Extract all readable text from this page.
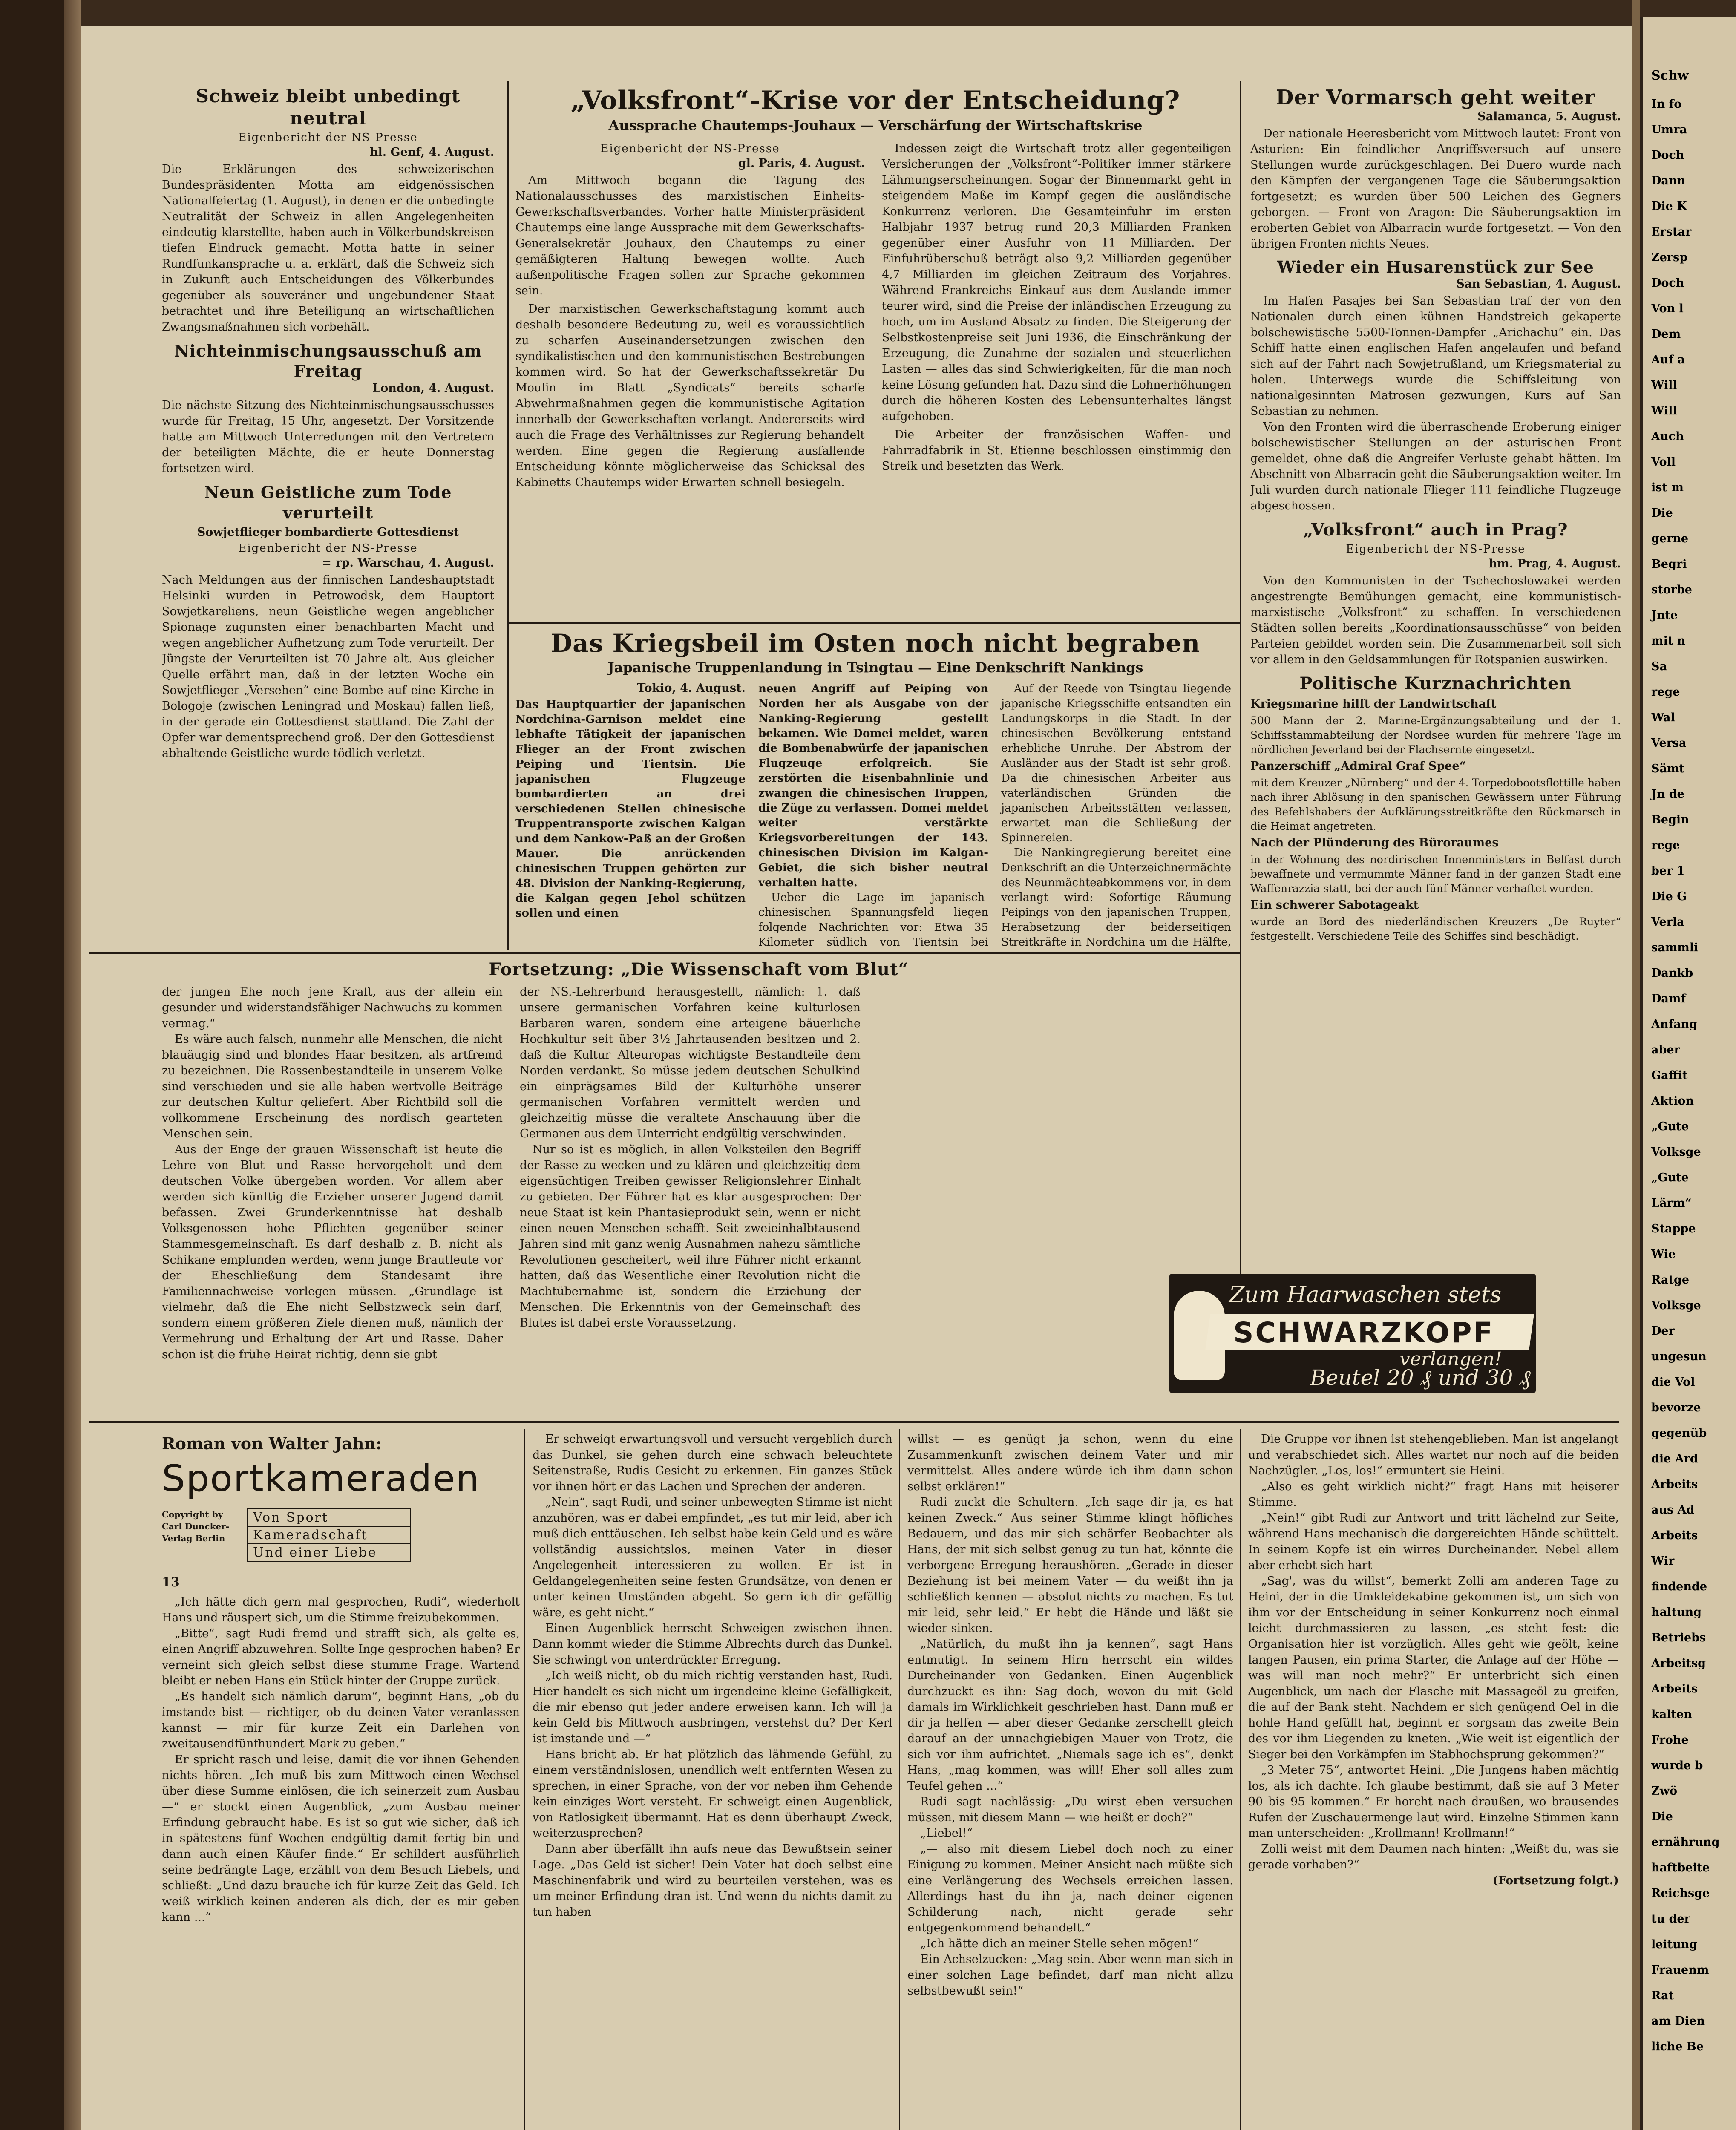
Schweiz bleibt unbedingt neutral
Eigenbericht der NS-Presse
hl. Genf, 4. August.

Die Erklärungen des schweizerischen Bundespräsidenten Motta am eidgenössischen Nationalfeiertag (1. August), in denen er die unbedingte Neutralität der Schweiz in allen Angelegenheiten eindeutig klarstellte, haben auch in Völkerbundskreisen tiefen Eindruck gemacht. Motta hatte in seiner Rundfunkansprache u. a. erklärt, daß die Schweiz sich in Zukunft auch Entscheidungen des Völkerbundes gegenüber als souveräner und ungebundener Staat betrachtet und ihre Beteiligung an wirtschaftlichen Zwangsmaßnahmen sich vorbehält.

Nichteinmischungsausschuß am Freitag
London, 4. August.

Die nächste Sitzung des Nichteinmischungsausschusses wurde für Freitag, 15 Uhr, angesetzt. Der Vorsitzende hatte am Mittwoch Unterredungen mit den Vertretern der beteiligten Mächte, die er heute Donnerstag fortsetzen wird.

Neun Geistliche zum Tode verurteilt
Sowjetflieger bombardierte Gottesdienst
Eigenbericht der NS-Presse
= rp. Warschau, 4. August.

Nach Meldungen aus der finnischen Landeshauptstadt Helsinki wurden in Petrowodsk, dem Hauptort Sowjetkareliens, neun Geistliche wegen angeblicher Spionage zugunsten einer benachbarten Macht und wegen angeblicher Aufhetzung zum Tode verurteilt. Der Jüngste der Verurteilten ist 70 Jahre alt. Aus gleicher Quelle erfährt man, daß in der letzten Woche ein Sowjetflieger „Versehen“ eine Bombe auf eine Kirche in Bologoje (zwischen Leningrad und Moskau) fallen ließ, in der gerade ein Gottesdienst stattfand. Die Zahl der Opfer war dementsprechend groß. Der den Gottesdienst abhaltende Geistliche wurde tödlich verletzt.

„Volksfront“-Krise vor der Entscheidung?
Aussprache Chautemps-Jouhaux — Verschärfung der Wirtschaftskrise
Eigenbericht der NS-Presse
gl. Paris, 4. August.

Am Mittwoch begann die Tagung des Nationalausschusses des marxistischen Einheits-Gewerkschaftsverbandes. Vorher hatte Ministerpräsident Chautemps eine lange Aussprache mit dem Gewerkschafts-Generalsekretär Jouhaux, den Chautemps zu einer gemäßigteren Haltung bewegen wollte. Auch außenpolitische Fragen sollen zur Sprache gekommen sein.

Der marxistischen Gewerkschaftstagung kommt auch deshalb besondere Bedeutung zu, weil es voraussichtlich zu scharfen Auseinandersetzungen zwischen den syndikalistischen und den kommunistischen Bestrebungen kommen wird. So hat der Gewerkschaftssekretär Du Moulin im Blatt „Syndicats“ bereits scharfe Abwehrmaßnahmen gegen die kommunistische Agitation innerhalb der Gewerkschaften verlangt. Andererseits wird auch die Frage des Verhältnisses zur Regierung behandelt werden. Eine gegen die Regierung ausfallende Entscheidung könnte möglicherweise das Schicksal des Kabinetts Chautemps wider Erwarten schnell besiegeln.

Indessen zeigt die Wirtschaft trotz aller gegenteiligen Versicherungen der „Volksfront“-Politiker immer stärkere Lähmungserscheinungen. Sogar der Binnenmarkt geht in steigendem Maße im Kampf gegen die ausländische Konkurrenz verloren. Die Gesamteinfuhr im ersten Halbjahr 1937 betrug rund 20,3 Milliarden Franken gegenüber einer Ausfuhr von 11 Milliarden. Der Einfuhrüberschuß beträgt also 9,2 Milliarden gegenüber 4,7 Milliarden im gleichen Zeitraum des Vorjahres. Während Frankreichs Einkauf aus dem Auslande immer teurer wird, sind die Preise der inländischen Erzeugung zu hoch, um im Ausland Absatz zu finden. Die Steigerung der Selbstkostenpreise seit Juni 1936, die Einschränkung der Erzeugung, die Zunahme der sozialen und steuerlichen Lasten — alles das sind Schwierigkeiten, für die man noch keine Lösung gefunden hat. Dazu sind die Lohnerhöhungen durch die höheren Kosten des Lebensunterhaltes längst aufgehoben.

Die Arbeiter der französischen Waffen- und Fahrradfabrik in St. Etienne beschlossen einstimmig den Streik und besetzten das Werk.

Das Kriegsbeil im Osten noch nicht begraben
Japanische Truppenlandung in Tsingtau — Eine Denkschrift Nankings
Tokio, 4. August.

Das Hauptquartier der japanischen Nordchina-Garnison meldet eine lebhafte Tätigkeit der japanischen Flieger an der Front zwischen Peiping und Tientsin. Die japanischen Flugzeuge bombardierten an drei verschiedenen Stellen chinesische Truppentransporte zwischen Kalgan und dem Nankow-Paß an der Großen Mauer. Die anrückenden chinesischen Truppen gehörten zur 48. Division der Nanking-Regierung, die Kalgan gegen Jehol schützen sollen und einen

neuen Angriff auf Peiping von Norden her als Ausgabe von der Nanking-Regierung gestellt bekamen. Wie Domei meldet, waren die Bombenabwürfe der japanischen Flugzeuge erfolgreich. Sie zerstörten die Eisenbahnlinie und zwangen die chinesischen Truppen, die Züge zu verlassen. Domei meldet weiter verstärkte Kriegsvorbereitungen der 143. chinesischen Division im Kalgan-Gebiet, die sich bisher neutral verhalten hatte.

Ueber die Lage im japanisch-chinesischen Spannungsfeld liegen folgende Nachrichten vor: Etwa 35 Kilometer südlich von Tientsin bei

Auf der Reede von Tsingtau liegende japanische Kriegsschiffe entsandten ein Landungskorps in die Stadt. In der chinesischen Bevölkerung entstand erhebliche Unruhe. Der Abstrom der Ausländer aus der Stadt ist sehr groß. Da die chinesischen Arbeiter aus vaterländischen Gründen die japanischen Arbeitsstätten verlassen, erwartet man die Schließung der Spinnereien.

Die Nankingregierung bereitet eine Denkschrift an die Unterzeichnermächte des Neunmächteabkommens vor, in dem verlangt wird: Sofortige Räumung Peipings von den japanischen Truppen, Herabsetzung der beiderseitigen Streitkräfte in Nordchina um die Hälfte,

Fortsetzung: „Die Wissenschaft vom Blut“

der jungen Ehe noch jene Kraft, aus der allein ein gesunder und widerstandsfähiger Nachwuchs zu kommen vermag.“

Es wäre auch falsch, nunmehr alle Menschen, die nicht blauäugig sind und blondes Haar besitzen, als artfremd zu bezeichnen. Die Rassenbestandteile in unserem Volke sind verschieden und sie alle haben wertvolle Beiträge zur deutschen Kultur geliefert. Aber Richtbild soll die vollkommene Erscheinung des nordisch gearteten Menschen sein.

Aus der Enge der grauen Wissenschaft ist heute die Lehre von Blut und Rasse hervorgeholt und dem deutschen Volke übergeben worden. Vor allem aber werden sich künftig die Erzieher unserer Jugend damit befassen. Zwei Grunderkenntnisse hat deshalb Volksgenossen hohe Pflichten gegenüber seiner Stammesgemeinschaft. Es darf deshalb z. B. nicht als Schikane empfunden werden, wenn junge Brautleute vor der Eheschließung dem Standesamt ihre Familiennachweise vorlegen müssen. „Grundlage ist vielmehr, daß die Ehe nicht Selbstzweck sein darf, sondern einem größeren Ziele dienen muß, nämlich der Vermehrung und Erhaltung der Art und Rasse. Daher schon ist die frühe Heirat richtig, denn sie gibt

der NS.-Lehrerbund herausgestellt, nämlich: 1. daß unsere germanischen Vorfahren keine kulturlosen Barbaren waren, sondern eine arteigene bäuerliche Hochkultur seit über 3½ Jahrtausenden besitzen und 2. daß die Kultur Alteuropas wichtigste Bestandteile dem Norden verdankt. So müsse jedem deutschen Schulkind ein einprägsames Bild der Kulturhöhe unserer germanischen Vorfahren vermittelt werden und gleichzeitig müsse die veraltete Anschauung über die Germanen aus dem Unterricht endgültig verschwinden.

Nur so ist es möglich, in allen Volksteilen den Begriff der Rasse zu wecken und zu klären und gleichzeitig dem eigensüchtigen Treiben gewisser Religionslehrer Einhalt zu gebieten. Der Führer hat es klar ausgesprochen: Der neue Staat ist kein Phantasieprodukt sein, wenn er nicht einen neuen Menschen schafft. Seit zweieinhalbtausend Jahren sind mit ganz wenig Ausnahmen nahezu sämtliche Revolutionen gescheitert, weil ihre Führer nicht erkannt hatten, daß das Wesentliche einer Revolution nicht die Machtübernahme ist, sondern die Erziehung der Menschen. Die Erkenntnis von der Gemeinschaft des Blutes ist dabei erste Voraussetzung.

Der Vormarsch geht weiter
Salamanca, 5. August.

Der nationale Heeresbericht vom Mittwoch lautet: Front von Asturien: Ein feindlicher Angriffsversuch auf unsere Stellungen wurde zurückgeschlagen. Bei Duero wurde nach den Kämpfen der vergangenen Tage die Säuberungsaktion fortgesetzt; es wurden über 500 Leichen des Gegners geborgen. — Front von Aragon: Die Säuberungsaktion im eroberten Gebiet von Albarracin wurde fortgesetzt. — Von den übrigen Fronten nichts Neues.

Wieder ein Husarenstück zur See
San Sebastian, 4. August.

Im Hafen Pasajes bei San Sebastian traf der von den Nationalen durch einen kühnen Handstreich gekaperte bolschewistische 5500-Tonnen-Dampfer „Arichachu“ ein. Das Schiff hatte einen englischen Hafen angelaufen und befand sich auf der Fahrt nach Sowjetrußland, um Kriegsmaterial zu holen. Unterwegs wurde die Schiffsleitung von nationalgesinnten Matrosen gezwungen, Kurs auf San Sebastian zu nehmen.

Von den Fronten wird die überraschende Eroberung einiger bolschewistischer Stellungen an der asturischen Front gemeldet, ohne daß die Angreifer Verluste gehabt hätten. Im Abschnitt von Albarracin geht die Säuberungsaktion weiter. Im Juli wurden durch nationale Flieger 111 feindliche Flugzeuge abgeschossen.

„Volksfront“ auch in Prag?
Eigenbericht der NS-Presse
hm. Prag, 4. August.

Von den Kommunisten in der Tschechoslowakei werden angestrengte Bemühungen gemacht, eine kommunistisch-marxistische „Volksfront“ zu schaffen. In verschiedenen Städten sollen bereits „Koordinationsausschüsse“ von beiden Parteien gebildet worden sein. Die Zusammenarbeit soll sich vor allem in den Geldsammlungen für Rotspanien auswirken.

Politische Kurznachrichten
Kriegsmarine hilft der Landwirtschaft

500 Mann der 2. Marine-Ergänzungsabteilung und der 1. Schiffsstammabteilung der Nordsee wurden für mehrere Tage im nördlichen Jeverland bei der Flachsernte eingesetzt.

Panzerschiff „Admiral Graf Spee“

mit dem Kreuzer „Nürnberg“ und der 4. Torpedobootsflottille haben nach ihrer Ablösung in den spanischen Gewässern unter Führung des Befehlshabers der Aufklärungsstreitkräfte den Rückmarsch in die Heimat angetreten.

Nach der Plünderung des Büroraumes

in der Wohnung des nordirischen Innenministers in Belfast durch bewaffnete und vermummte Männer fand in der ganzen Stadt eine Waffenrazzia statt, bei der auch fünf Männer verhaftet wurden.

Ein schwerer Sabotageakt

wurde an Bord des niederländischen Kreuzers „De Ruyter“ festgestellt. Verschiedene Teile des Schiffes sind beschädigt.

Zum Haarwaschen stets
SCHWARZKOPF
verlangen!
Beutel 20 ₰ und 30 ₰
Roman von Walter Jahn:
Sportkameraden
Copyright by Carl Duncker-Verlag Berlin
Von Sport
Kameradschaft
Und einer Liebe
13

„Ich hätte dich gern mal gesprochen, Rudi“, wiederholt Hans und räuspert sich, um die Stimme freizubekommen.

„Bitte“, sagt Rudi fremd und strafft sich, als gelte es, einen Angriff abzuwehren. Sollte Inge gesprochen haben? Er verneint sich gleich selbst diese stumme Frage. Wartend bleibt er neben Hans ein Stück hinter der Gruppe zurück.

„Es handelt sich nämlich darum“, beginnt Hans, „ob du imstande bist — richtiger, ob du deinen Vater veranlassen kannst — mir für kurze Zeit ein Darlehen von zweitausendfünfhundert Mark zu geben.“

Er spricht rasch und leise, damit die vor ihnen Gehenden nichts hören. „Ich muß bis zum Mittwoch einen Wechsel über diese Summe einlösen, die ich seinerzeit zum Ausbau —“ er stockt einen Augenblick, „zum Ausbau meiner Erfindung gebraucht habe. Es ist so gut wie sicher, daß ich in spätestens fünf Wochen endgültig damit fertig bin und dann auch einen Käufer finde.“ Er schildert ausführlich seine bedrängte Lage, erzählt von dem Besuch Liebels, und schließt: „Und dazu brauche ich für kurze Zeit das Geld. Ich weiß wirklich keinen anderen als dich, der es mir geben kann ...“

Er schweigt erwartungsvoll und versucht vergeblich durch das Dunkel, sie gehen durch eine schwach beleuchtete Seitenstraße, Rudis Gesicht zu erkennen. Ein ganzes Stück vor ihnen hört er das Lachen und Sprechen der anderen.

„Nein“, sagt Rudi, und seiner unbewegten Stimme ist nicht anzuhören, was er dabei empfindet, „es tut mir leid, aber ich muß dich enttäuschen. Ich selbst habe kein Geld und es wäre vollständig aussichtslos, meinen Vater in dieser Angelegenheit interessieren zu wollen. Er ist in Geldangelegenheiten seine festen Grundsätze, von denen er unter keinen Umständen abgeht. So gern ich dir gefällig wäre, es geht nicht.“

Einen Augenblick herrscht Schweigen zwischen ihnen. Dann kommt wieder die Stimme Albrechts durch das Dunkel. Sie schwingt von unterdrückter Erregung.

„Ich weiß nicht, ob du mich richtig verstanden hast, Rudi. Hier handelt es sich nicht um irgendeine kleine Gefälligkeit, die mir ebenso gut jeder andere erweisen kann. Ich will ja kein Geld bis Mittwoch ausbringen, verstehst du? Der Kerl ist imstande und —“

Hans bricht ab. Er hat plötzlich das lähmende Gefühl, zu einem verständnislosen, unendlich weit entfernten Wesen zu sprechen, in einer Sprache, von der vor neben ihm Gehende kein einziges Wort versteht. Er schweigt einen Augenblick, von Ratlosigkeit übermannt. Hat es denn überhaupt Zweck, weiterzusprechen?

Dann aber überfällt ihn aufs neue das Bewußtsein seiner Lage. „Das Geld ist sicher! Dein Vater hat doch selbst eine Maschinenfabrik und wird zu beurteilen verstehen, was es um meiner Erfindung dran ist. Und wenn du nichts damit zu tun haben

willst — es genügt ja schon, wenn du eine Zusammenkunft zwischen deinem Vater und mir vermittelst. Alles andere würde ich ihm dann schon selbst erklären!“

Rudi zuckt die Schultern. „Ich sage dir ja, es hat keinen Zweck.“ Aus seiner Stimme klingt höfliches Bedauern, und das mir sich schärfer Beobachter als Hans, der mit sich selbst genug zu tun hat, könnte die verborgene Erregung heraushören. „Gerade in dieser Beziehung ist bei meinem Vater — du weißt ihn ja schließlich kennen — absolut nichts zu machen. Es tut mir leid, sehr leid.“ Er hebt die Hände und läßt sie wieder sinken.

„Natürlich, du mußt ihn ja kennen“, sagt Hans entmutigt. In seinem Hirn herrscht ein wildes Durcheinander von Gedanken. Einen Augenblick durchzuckt es ihn: Sag doch, wovon du mit Geld damals im Wirklichkeit geschrieben hast. Dann muß er dir ja helfen — aber dieser Gedanke zerschellt gleich darauf an der unnachgiebigen Mauer von Trotz, die sich vor ihm aufrichtet. „Niemals sage ich es“, denkt Hans, „mag kommen, was will! Eher soll alles zum Teufel gehen ...“

Rudi sagt nachlässig: „Du wirst eben versuchen müssen, mit diesem Mann — wie heißt er doch?“

„Liebel!“

„— also mit diesem Liebel doch noch zu einer Einigung zu kommen. Meiner Ansicht nach müßte sich eine Verlängerung des Wechsels erreichen lassen. Allerdings hast du ihn ja, nach deiner eigenen Schilderung nach, nicht gerade sehr entgegenkommend behandelt.“

„Ich hätte dich an meiner Stelle sehen mögen!“

Ein Achselzucken: „Mag sein. Aber wenn man sich in einer solchen Lage befindet, darf man nicht allzu selbstbewußt sein!“

Die Gruppe vor ihnen ist stehengeblieben. Man ist angelangt und verabschiedet sich. Alles wartet nur noch auf die beiden Nachzügler. „Los, los!“ ermuntert sie Heini.

„Also es geht wirklich nicht?“ fragt Hans mit heiserer Stimme.

„Nein!“ gibt Rudi zur Antwort und tritt lächelnd zur Seite, während Hans mechanisch die dargereichten Hände schüttelt. In seinem Kopfe ist ein wirres Durcheinander. Nebel allem aber erhebt sich hart

„Sag', was du willst“, bemerkt Zolli am anderen Tage zu Heini, der in die Umkleidekabine gekommen ist, um sich von ihm vor der Entscheidung in seiner Konkurrenz noch einmal leicht durchmassieren zu lassen, „es steht fest: die Organisation hier ist vorzüglich. Alles geht wie geölt, keine langen Pausen, ein prima Starter, die Anlage auf der Höhe — was will man noch mehr?“ Er unterbricht sich einen Augenblick, um nach der Flasche mit Massageöl zu greifen, die auf der Bank steht. Nachdem er sich genügend Oel in die hohle Hand gefüllt hat, beginnt er sorgsam das zweite Bein des vor ihm Liegenden zu kneten. „Wie weit ist eigentlich der Sieger bei den Vorkämpfen im Stabhochsprung gekommen?“

„3 Meter 75“, antwortet Heini. „Die Jungens haben mächtig los, als ich dachte. Ich glaube bestimmt, daß sie auf 3 Meter 90 bis 95 kommen.“ Er horcht nach draußen, wo brausendes Rufen der Zuschauermenge laut wird. Einzelne Stimmen kann man unterscheiden: „Krollmann! Krollmann!“

Zolli weist mit dem Daumen nach hinten: „Weißt du, was sie gerade vorhaben?“

(Fortsetzung folgt.)

Schw
In fo
Umra
Doch
Dann
Die K
Erstar
Zersp
Doch
Von l
Dem
Auf a
Will
Will
Auch
Voll
ist m
Die
gerne
Begri
storbe
Jnte
mit n
Sa
rege
Wal
Versa
Sämt
Jn de
Begin
rege
ber 1
Die G
Verla
sammli
Dankb
Damf
Anfang
aber
Gaffit
Aktion
„Gute
Volksge
„Gute
Lärm“
Stappe
Wie
Ratge
Volksge
Der
ungesun
die Vol
bevorze
gegenüb
die Ard
Arbeits
aus Ad
Arbeits
Wir
findende
haltung
Betriebs
Arbeitsg
Arbeits
kalten
Frohe
wurde b
Zwö
Die
ernährung
haftbeite
Reichsge
tu der
leitung
Frauenm
Rat
am Dien
liche Be
